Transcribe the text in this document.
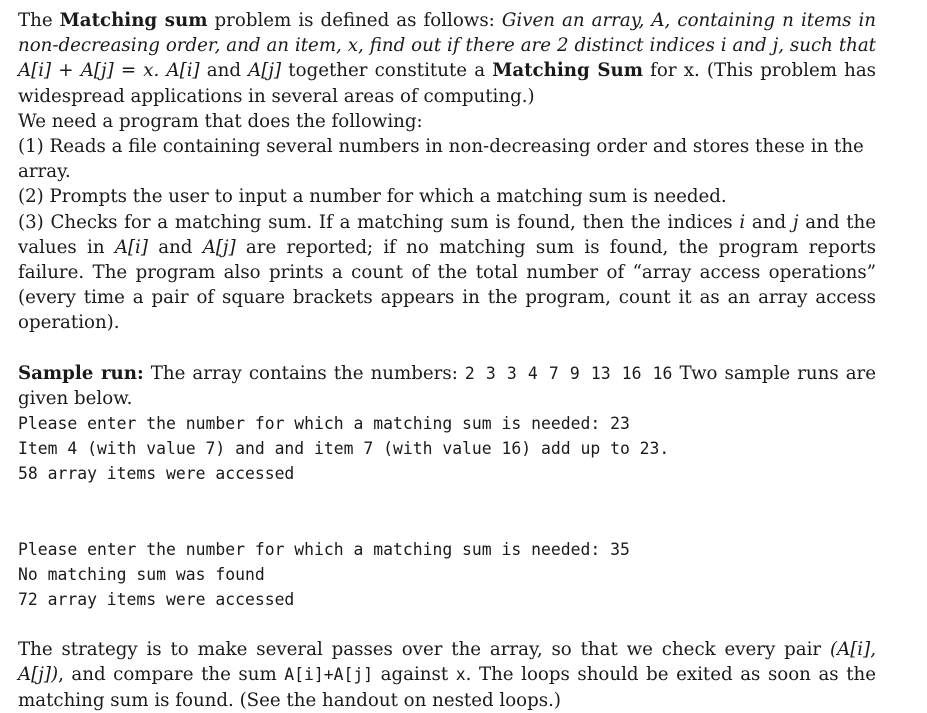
The Matching sum problem is defined as follows: Given an array, A, containing n items in non-decreasing order, and an item, x, find out if there are 2 distinct indices i and j, such that A[i] + A[j] = x. A[i] and A[j] together constitute a Matching Sum for x. (This problem has widespread applications in several areas of computing.)

We need a program that does the following:

(1) Reads a file containing several numbers in non-decreasing order and stores these in the array.

(2) Prompts the user to input a number for which a matching sum is needed.

(3) Checks for a matching sum. If a matching sum is found, then the indices i and j and the values in A[i] and A[j] are reported; if no matching sum is found, the program reports failure. The program also prints a count of the total number of “array access operations” (every time a pair of square brackets appears in the program, count it as an array access operation).

Sample run: The array contains the numbers: 2 3 3 4 7 9 13 16 16 Two sample runs are given below.

Please enter the number for which a matching sum is needed: 23

Item 4 (with value 7) and and item 7 (with value 16) add up to 23.

58 array items were accessed

Please enter the number for which a matching sum is needed: 35

No matching sum was found

72 array items were accessed

The strategy is to make several passes over the array, so that we check every pair (A[i], A[j]), and compare the sum A[i]+A[j] against x. The loops should be exited as soon as the matching sum is found. (See the handout on nested loops.)
